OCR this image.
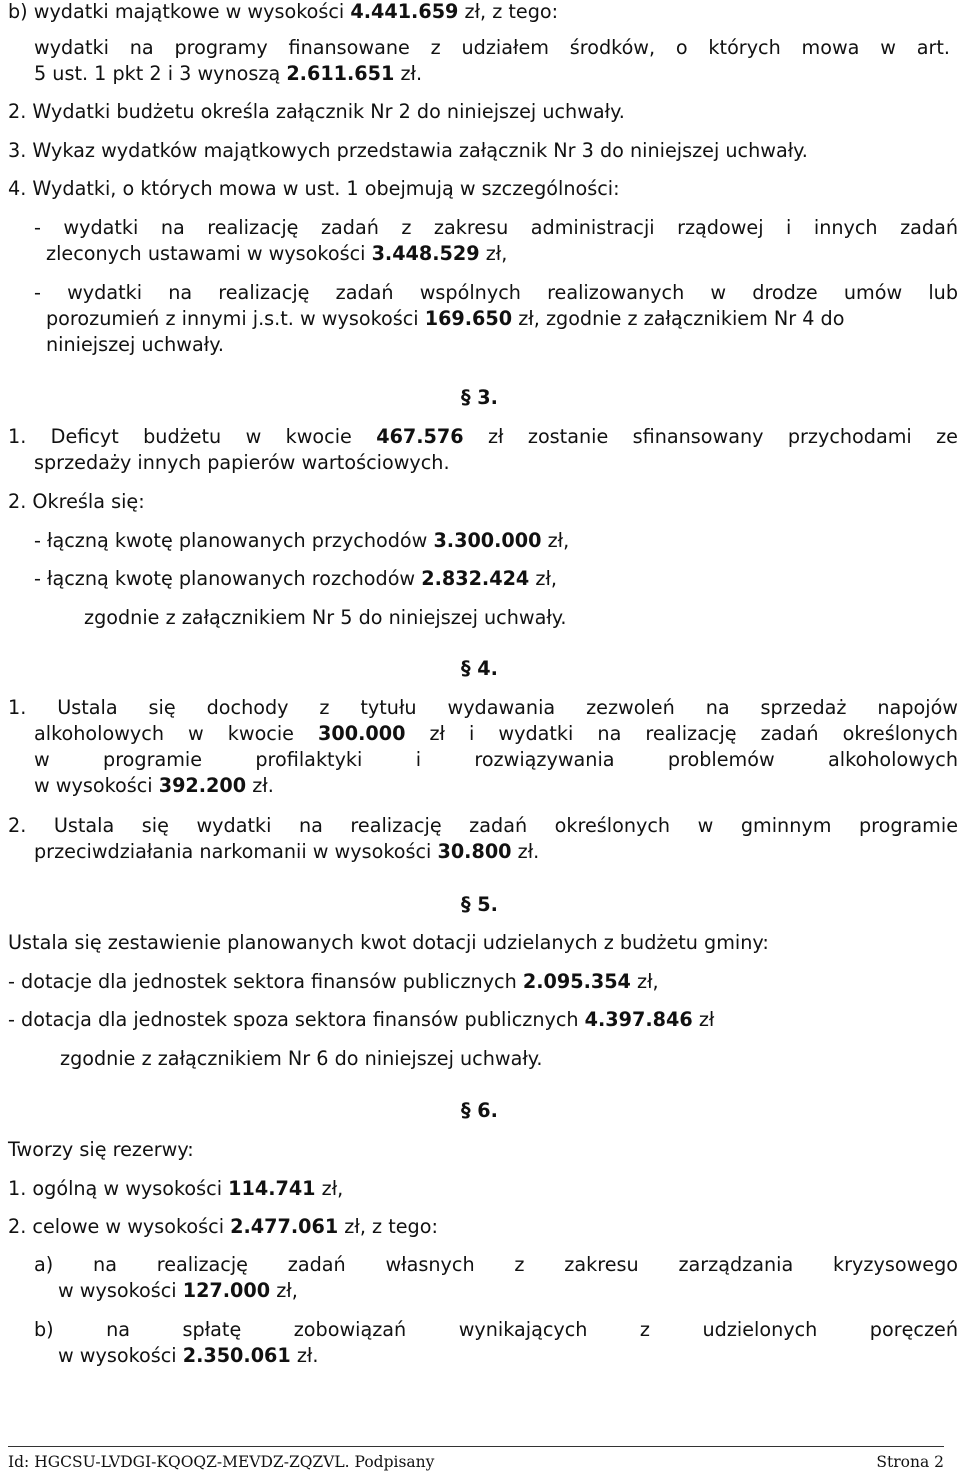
b) wydatki majątkowe w wysokości 4.441.659 zł, z tego:
wydatki na programy finansowane z udziałem środków, o których mowa w art.
5 ust. 1 pkt 2 i 3 wynoszą 2.611.651 zł.
2. Wydatki budżetu określa załącznik Nr 2 do niniejszej uchwały.
3. Wykaz wydatków majątkowych przedstawia załącznik Nr 3 do niniejszej uchwały.
4. Wydatki, o których mowa w ust. 1 obejmują w szczególności:
- wydatki na realizację zadań z zakresu administracji rządowej i innych zadań
zleconych ustawami w wysokości 3.448.529 zł,
- wydatki na realizację zadań wspólnych realizowanych w drodze umów lub
porozumień z innymi j.s.t. w wysokości 169.650 zł, zgodnie z załącznikiem Nr 4 do
niniejszej uchwały.
§ 3.
1. Deficyt budżetu w kwocie 467.576 zł zostanie sfinansowany przychodami ze
sprzedaży innych papierów wartościowych.
2. Określa się:
- łączną kwotę planowanych przychodów 3.300.000 zł,
- łączną kwotę planowanych rozchodów 2.832.424 zł,
zgodnie z załącznikiem Nr 5 do niniejszej uchwały.
§ 4.
1. Ustala się dochody z tytułu wydawania zezwoleń na sprzedaż napojów
alkoholowych w kwocie 300.000 zł i wydatki na realizację zadań określonych
w programie profilaktyki i rozwiązywania problemów alkoholowych
w wysokości 392.200 zł.
2. Ustala się wydatki na realizację zadań określonych w gminnym programie
przeciwdziałania narkomanii w wysokości 30.800 zł.
§ 5.
Ustala się zestawienie planowanych kwot dotacji udzielanych z budżetu gminy:
- dotacje dla jednostek sektora finansów publicznych 2.095.354 zł,
- dotacja dla jednostek spoza sektora finansów publicznych 4.397.846 zł
zgodnie z załącznikiem Nr 6 do niniejszej uchwały.
§ 6.
Tworzy się rezerwy:
1. ogólną w wysokości 114.741 zł,
2. celowe w wysokości 2.477.061 zł, z tego:
a) na realizację zadań własnych z zakresu zarządzania kryzysowego
w wysokości 127.000 zł,
b) na spłatę zobowiązań wynikających z udzielonych poręczeń
w wysokości 2.350.061 zł.
Id: HGCSU-LVDGI-KQOQZ-MEVDZ-ZQZVL. Podpisany	Strona 2
